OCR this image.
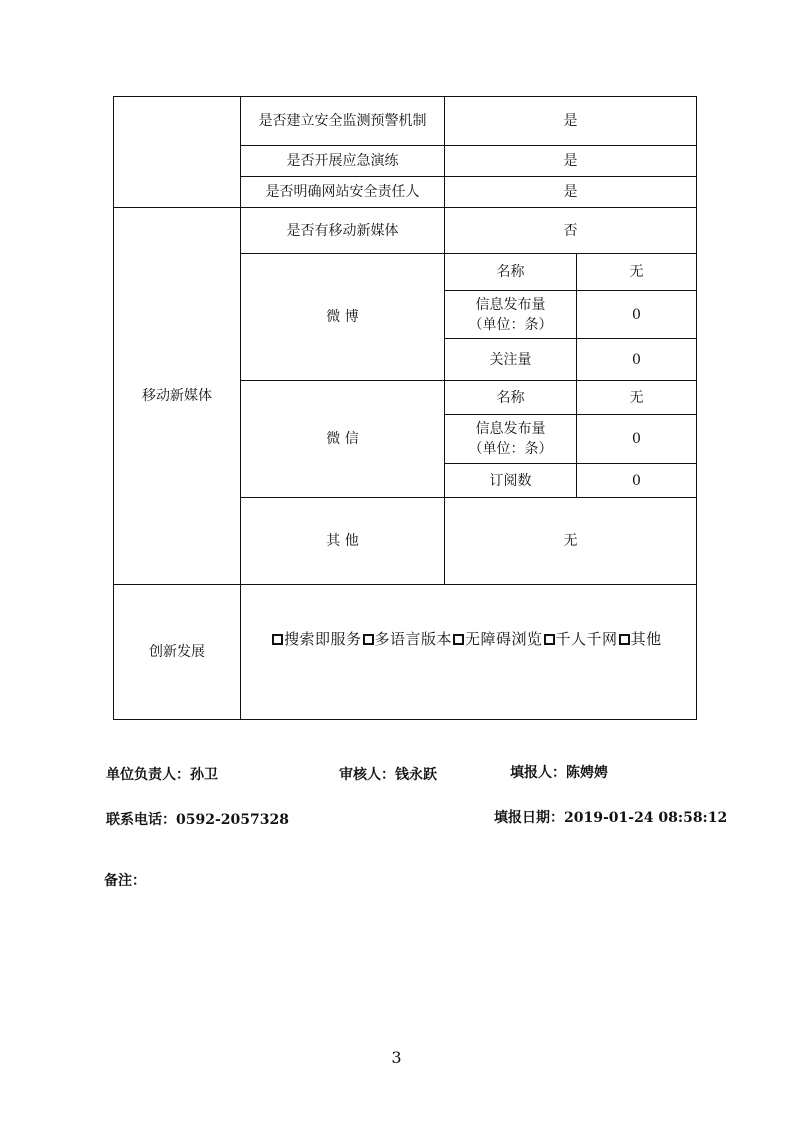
	是否建立安全监测预警机制	是	
	是否开展应急演练	是	
	是否明确网站安全责任人	是	
移动新媒体	是否有移动新媒体	否	
	微 博	名称	无
		信息发布量（单位：条）	0
		关注量	0
	微 信	名称	无
		信息发布量（单位：条）	0
		订阅数	0
	其 他	无	
创新发展	搜索即服务 多语言版本 无障碍浏览 千人千网 其他		
单位负责人：孙卫	审核人：钱永跃	填报人：陈娉娉
联系电话：0592-2057328	填报日期：2019-01-24 08:58:12
备注：
3
